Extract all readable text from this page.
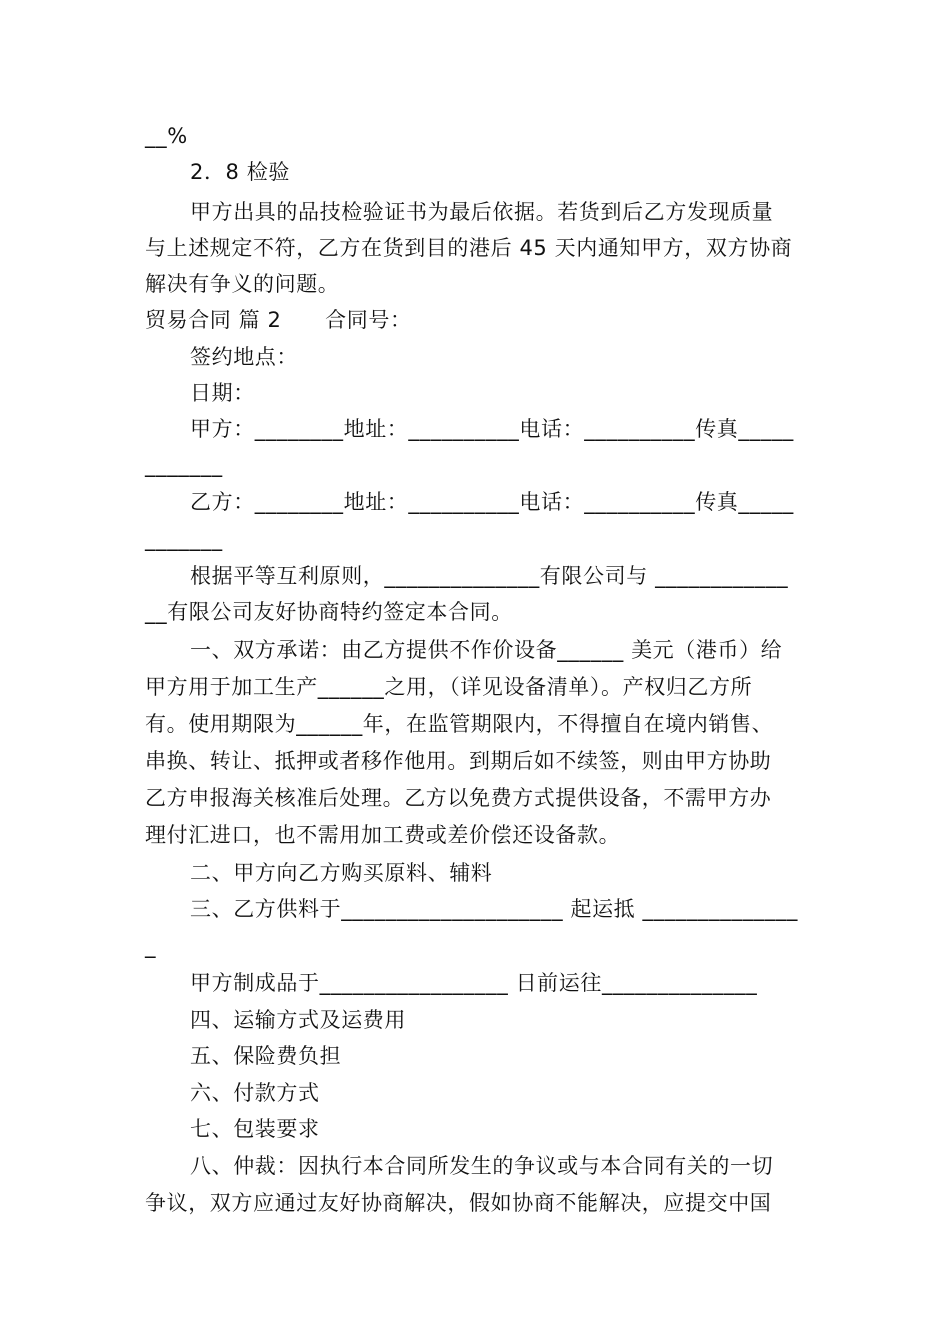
__%
2．8 检验
甲方出具的品技检验证书为最后依据。若货到后乙方发现质量
与上述规定不符，乙方在货到目的港后 45 天内通知甲方，双方协商
解决有争义的问题。
贸易合同 篇 2      合同号：
签约地点：
日期：
甲方：________地址：__________电话：__________传真_____
_______
乙方：________地址：__________电话：__________传真_____
_______
根据平等互利原则，______________有限公司与 ____________
__有限公司友好协商特约签定本合同。
一、双方承诺：由乙方提供不作价设备______ 美元（港币）给
甲方用于加工生产______之用，（详见设备清单）。产权归乙方所
有。使用期限为______年，在监管期限内，不得擅自在境内销售、
串换、转让、抵押或者移作他用。到期后如不续签，则由甲方协助
乙方申报海关核准后处理。乙方以免费方式提供设备，不需甲方办
理付汇进口，也不需用加工费或差价偿还设备款。
二、甲方向乙方购买原料、辅料
三、乙方供料于____________________ 起运抵 ______________
_
甲方制成品于_________________ 日前运往______________
四、运输方式及运费用
五、保险费负担
六、付款方式
七、包装要求
八、仲裁：因执行本合同所发生的争议或与本合同有关的一切
争议，双方应通过友好协商解决，假如协商不能解决，应提交中国
